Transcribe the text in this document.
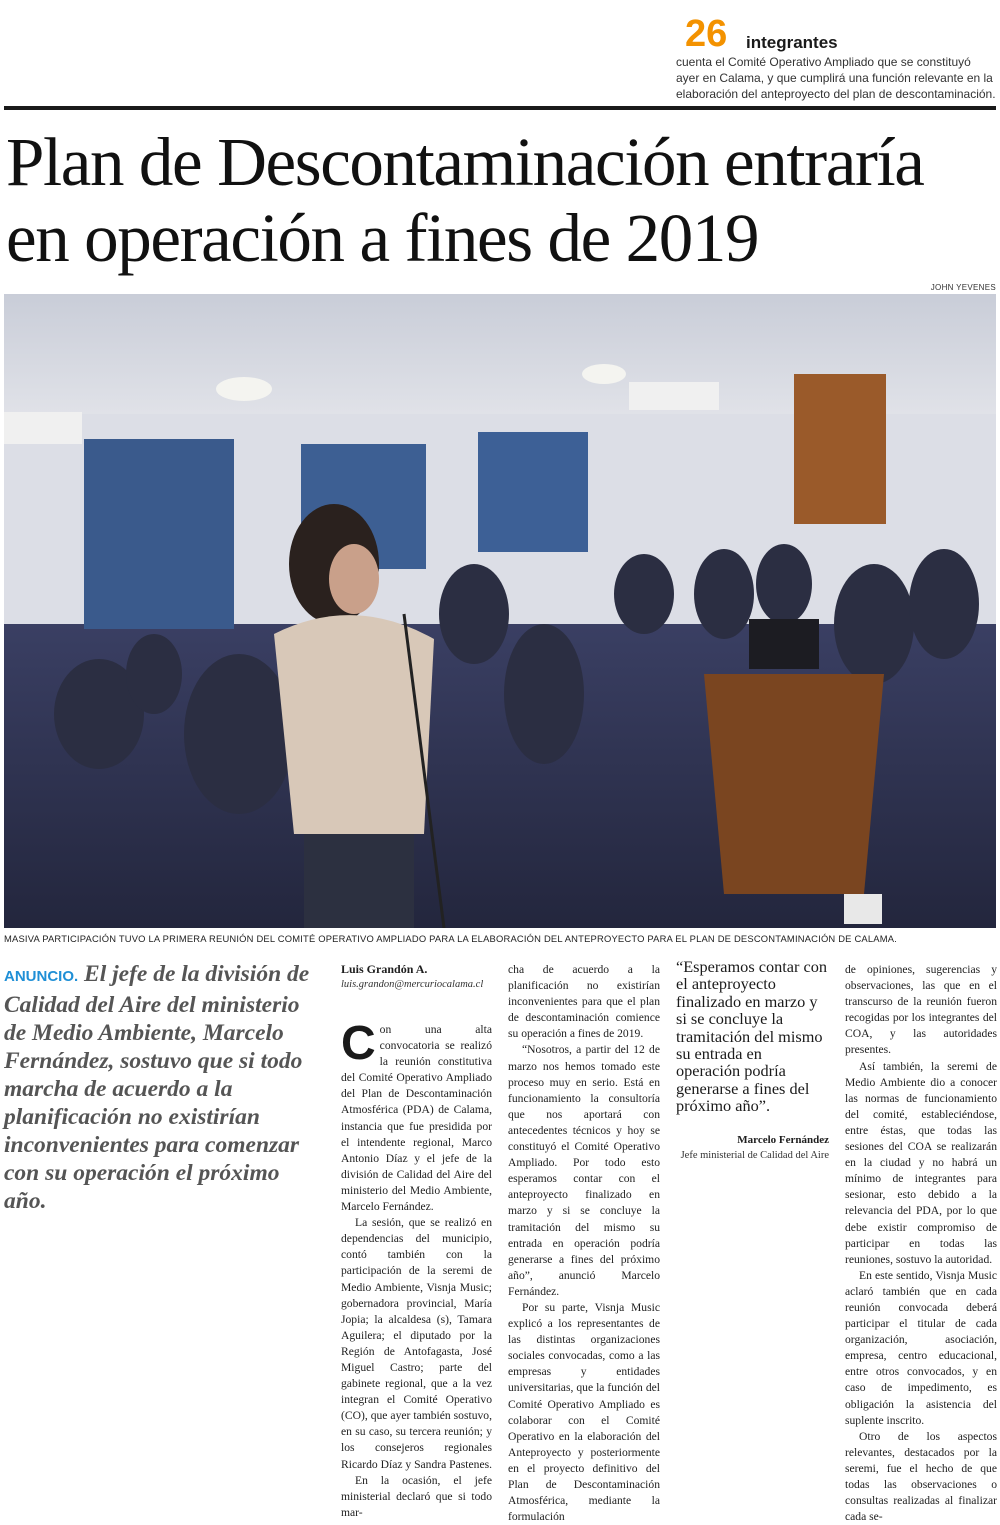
26 integrantes
cuenta el Comité Operativo Ampliado que se constituyó ayer en Calama, y que cumplirá una función relevante en la elaboración del anteproyecto del plan de descontaminación.
Plan de Descontaminación entraría en operación a fines de 2019
JOHN YEVENES
MASIVA PARTICIPACIÓN TUVO LA PRIMERA REUNIÓN DEL COMITÉ OPERATIVO AMPLIADO PARA LA ELABORACIÓN DEL ANTEPROYECTO PARA EL PLAN DE DESCONTAMINACIÓN DE CALAMA.
ANUNCIO. El jefe de la división de Calidad del Aire del ministerio de Medio Ambiente, Marcelo Fernández, sostuvo que si todo marcha de acuerdo a la planificación no existirían inconvenientes para comenzar con su operación el próximo año.
Luis Grandón A.
luis.grandon@mercuriocalama.cl

Con una alta convocatoria se realizó la reunión constitutiva del Comité Operativo Ampliado del Plan de Descontaminación Atmosférica (PDA) de Calama, instancia que fue presidida por el intendente regional, Marco Antonio Díaz y el jefe de la división de Calidad del Aire del ministerio del Medio Ambiente, Marcelo Fernández.

La sesión, que se realizó en dependencias del municipio, contó también con la participación de la seremi de Medio Ambiente, Visnja Music; gobernadora provincial, María Jopia; la alcaldesa (s), Tamara Aguilera; el diputado por la Región de Antofagasta, José Miguel Castro; parte del gabinete regional, que a la vez integran el Comité Operativo (CO), que ayer también sostuvo, en su caso, su tercera reunión; y los consejeros regionales Ricardo Díaz y Sandra Pastenes.

En la ocasión, el jefe ministerial declaró que si todo mar-

cha de acuerdo a la planificación no existirían inconvenientes para que el plan de descontaminación comience su operación a fines de 2019.

“Nosotros, a partir del 12 de marzo nos hemos tomado este proceso muy en serio. Está en funcionamiento la consultoría que nos aportará con antecedentes técnicos y hoy se constituyó el Comité Operativo Ampliado. Por todo esto esperamos contar con el anteproyecto finalizado en marzo y si se concluye la tramitación del mismo su entrada en operación podría generarse a fines del próximo año”, anunció Marcelo Fernández.

Por su parte, Visnja Music explicó a los representantes de las distintas organizaciones sociales convocadas, como a las empresas y entidades universitarias, que la función del Comité Operativo Ampliado es colaborar con el Comité Operativo en la elaboración del Anteproyecto y posteriormente en el proyecto definitivo del Plan de Descontaminación Atmosférica, mediante la formulación

“Esperamos contar con el anteproyecto finalizado en marzo y si se concluye la tramitación del mismo su entrada en operación podría generarse a fines del próximo año”.
Marcelo Fernández
Jefe ministerial de Calidad del Aire

de opiniones, sugerencias y observaciones, las que en el transcurso de la reunión fueron recogidas por los integrantes del COA, y las autoridades presentes.

Así también, la seremi de Medio Ambiente dio a conocer las normas de funcionamiento del comité, estableciéndose, entre éstas, que todas las sesiones del COA se realizarán en la ciudad y no habrá un mínimo de integrantes para sesionar, esto debido a la relevancia del PDA, por lo que debe existir compromiso de participar en todas las reuniones, sostuvo la autoridad.

En este sentido, Visnja Music aclaró también que en cada reunión convocada deberá participar el titular de cada organización, asociación, empresa, centro educacional, entre otros convocados, y en caso de impedimento, es obligación la asistencia del suplente inscrito.

Otro de los aspectos relevantes, destacados por la seremi, fue el hecho de que todas las observaciones o consultas realizadas al finalizar cada se-
